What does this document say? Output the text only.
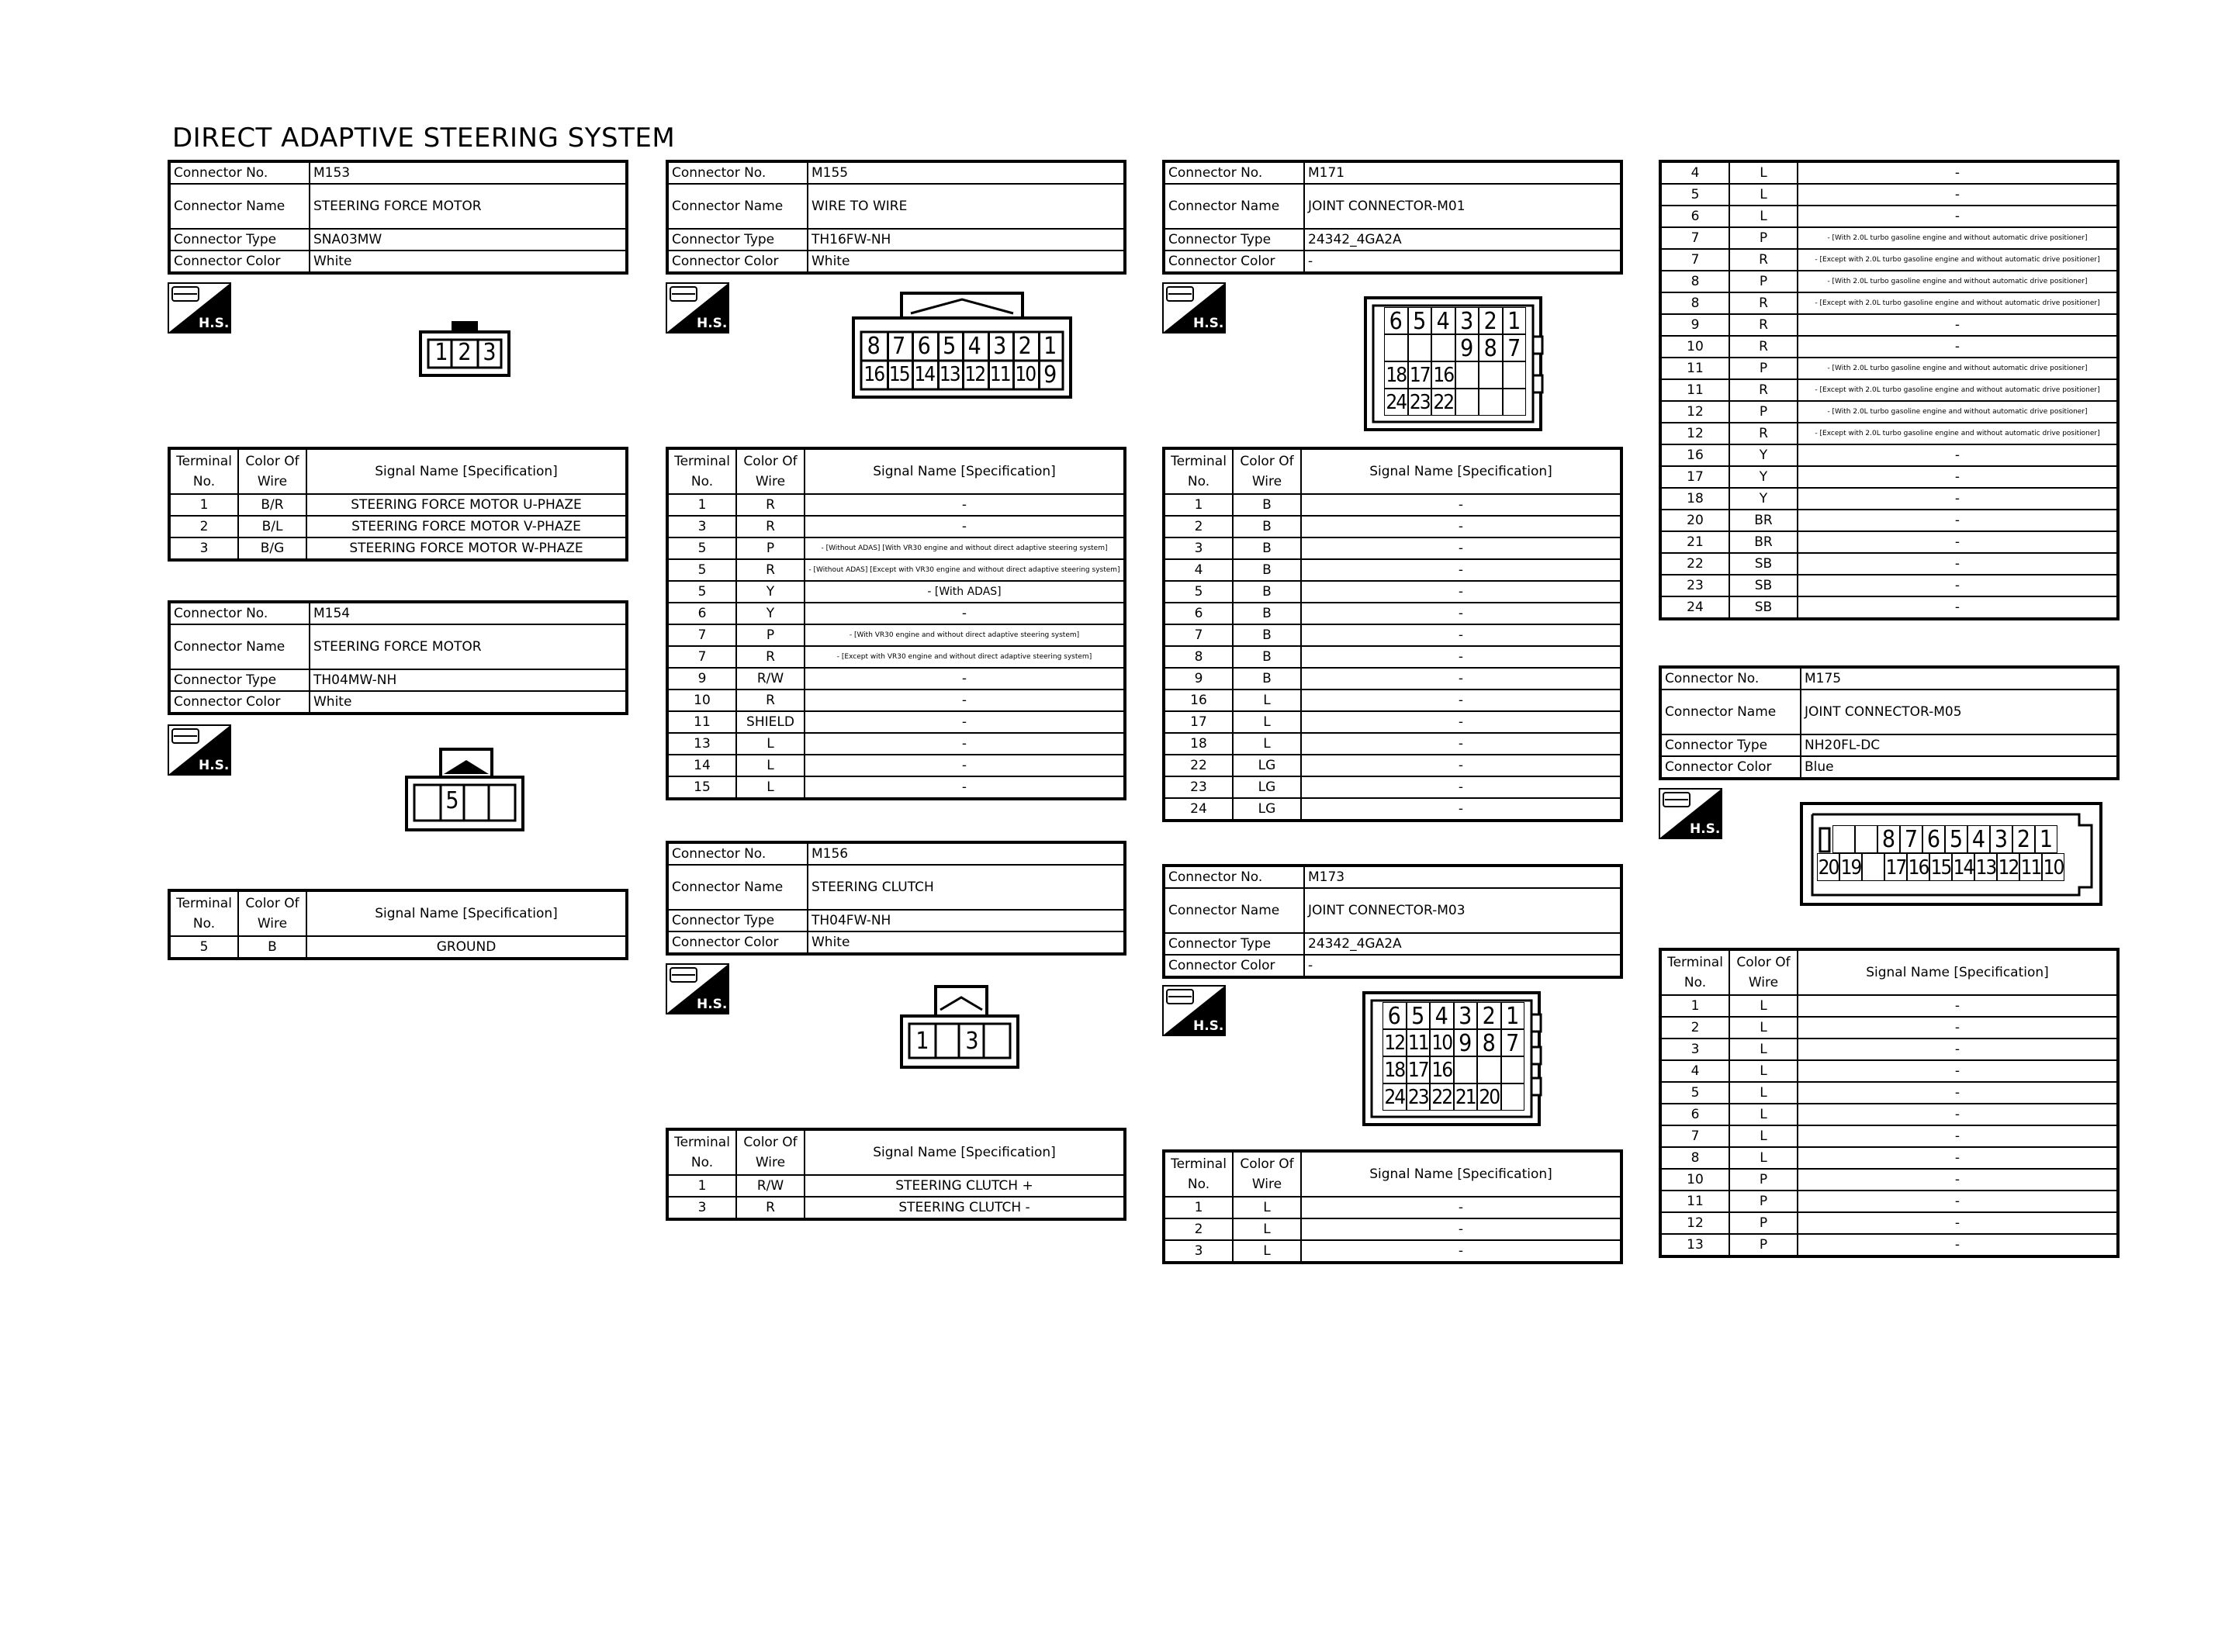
DIRECT ADAPTIVE STEERING SYSTEM
Connector No.	M153
Connector Name	STEERING FORCE MOTOR
Connector Type	SNA03MW
Connector Color	White
H.S.
1 2 3
Terminal No.	Color Of Wire	Signal Name [Specification]
1	B/R	STEERING FORCE MOTOR U-PHAZE
2	B/L	STEERING FORCE MOTOR V-PHAZE
3	B/G	STEERING FORCE MOTOR W-PHAZE
Connector No.	M154
Connector Name	STEERING FORCE MOTOR
Connector Type	TH04MW-NH
Connector Color	White
H.S.
5
Terminal No.	Color Of Wire	Signal Name [Specification]
5	B	GROUND
Connector No.	M155
Connector Name	WIRE TO WIRE
Connector Type	TH16FW-NH
Connector Color	White
H.S.
8 7 6 5 4 3 2 1
16 15 14 13 12 11 10 9
Terminal No.	Color Of Wire	Signal Name [Specification]
1	R	-
3	R	-
5	P	- [Without ADAS] [With VR30 engine and without direct adaptive steering system]
5	R	- [Without ADAS] [Except with VR30 engine and without direct adaptive steering system]
5	Y	- [With ADAS]
6	Y	-
7	P	- [With VR30 engine and without direct adaptive steering system]
7	R	- [Except with VR30 engine and without direct adaptive steering system]
9	R/W	-
10	R	-
11	SHIELD	-
13	L	-
14	L	-
15	L	-
Connector No.	M156
Connector Name	STEERING CLUTCH
Connector Type	TH04FW-NH
Connector Color	White
H.S.
1 3
Terminal No.	Color Of Wire	Signal Name [Specification]
1	R/W	STEERING CLUTCH +
3	R	STEERING CLUTCH -
Connector No.	M171
Connector Name	JOINT CONNECTOR-M01
Connector Type	24342_4GA2A
Connector Color	-
H.S.	6 5 4 3 2 1
9 8 7
18 17 16
24 23 22
Terminal No.	Color Of Wire	Signal Name [Specification]
1	B	-
2	B	-
3	B	-
4	B	-
5	B	-
6	B	-
7	B	-
8	B	-
9	B	-
16	L	-
17	L	-
18	L	-
22	LG	-
23	LG	-
24	LG	-
Connector No.	M173
Connector Name	JOINT CONNECTOR-M03
Connector Type	24342_4GA2A
Connector Color	-
H.S.	6 5 4 3 2 1
12 11 10 9 8 7
18 17 16
24 23 22 21 20
Terminal No.	Color Of Wire	Signal Name [Specification]
1	L	-
2	L	-
3	L	-
4	L	-
5	L	-
6	L	-
7	P	- [With 2.0L turbo gasoline engine and without automatic drive positioner]
7	R	- [Except with 2.0L turbo gasoline engine and without automatic drive positioner]
8	P	- [With 2.0L turbo gasoline engine and without automatic drive positioner]
8	R	- [Except with 2.0L turbo gasoline engine and without automatic drive positioner]
9	R	-
10	R	-
11	P	- [With 2.0L turbo gasoline engine and without automatic drive positioner]
11	R	- [Except with 2.0L turbo gasoline engine and without automatic drive positioner]
12	P	- [With 2.0L turbo gasoline engine and without automatic drive positioner]
12	R	- [Except with 2.0L turbo gasoline engine and without automatic drive positioner]
16	Y	-
17	Y	-
18	Y	-
20	BR	-
21	BR	-
22	SB	-
23	SB	-
24	SB	-
Connector No.	M175
Connector Name	JOINT CONNECTOR-M05
Connector Type	NH20FL-DC
Connector Color	Blue
H.S.	8 7 6 5 4 3 2 1
20 19 17 16 15 14 13 12 11 10
Terminal No.	Color Of Wire	Signal Name [Specification]
1	L	-
2	L	-
3	L	-
4	L	-
5	L	-
6	L	-
7	L	-
8	L	-
10	P	-
11	P	-
12	P	-
13	P	-
